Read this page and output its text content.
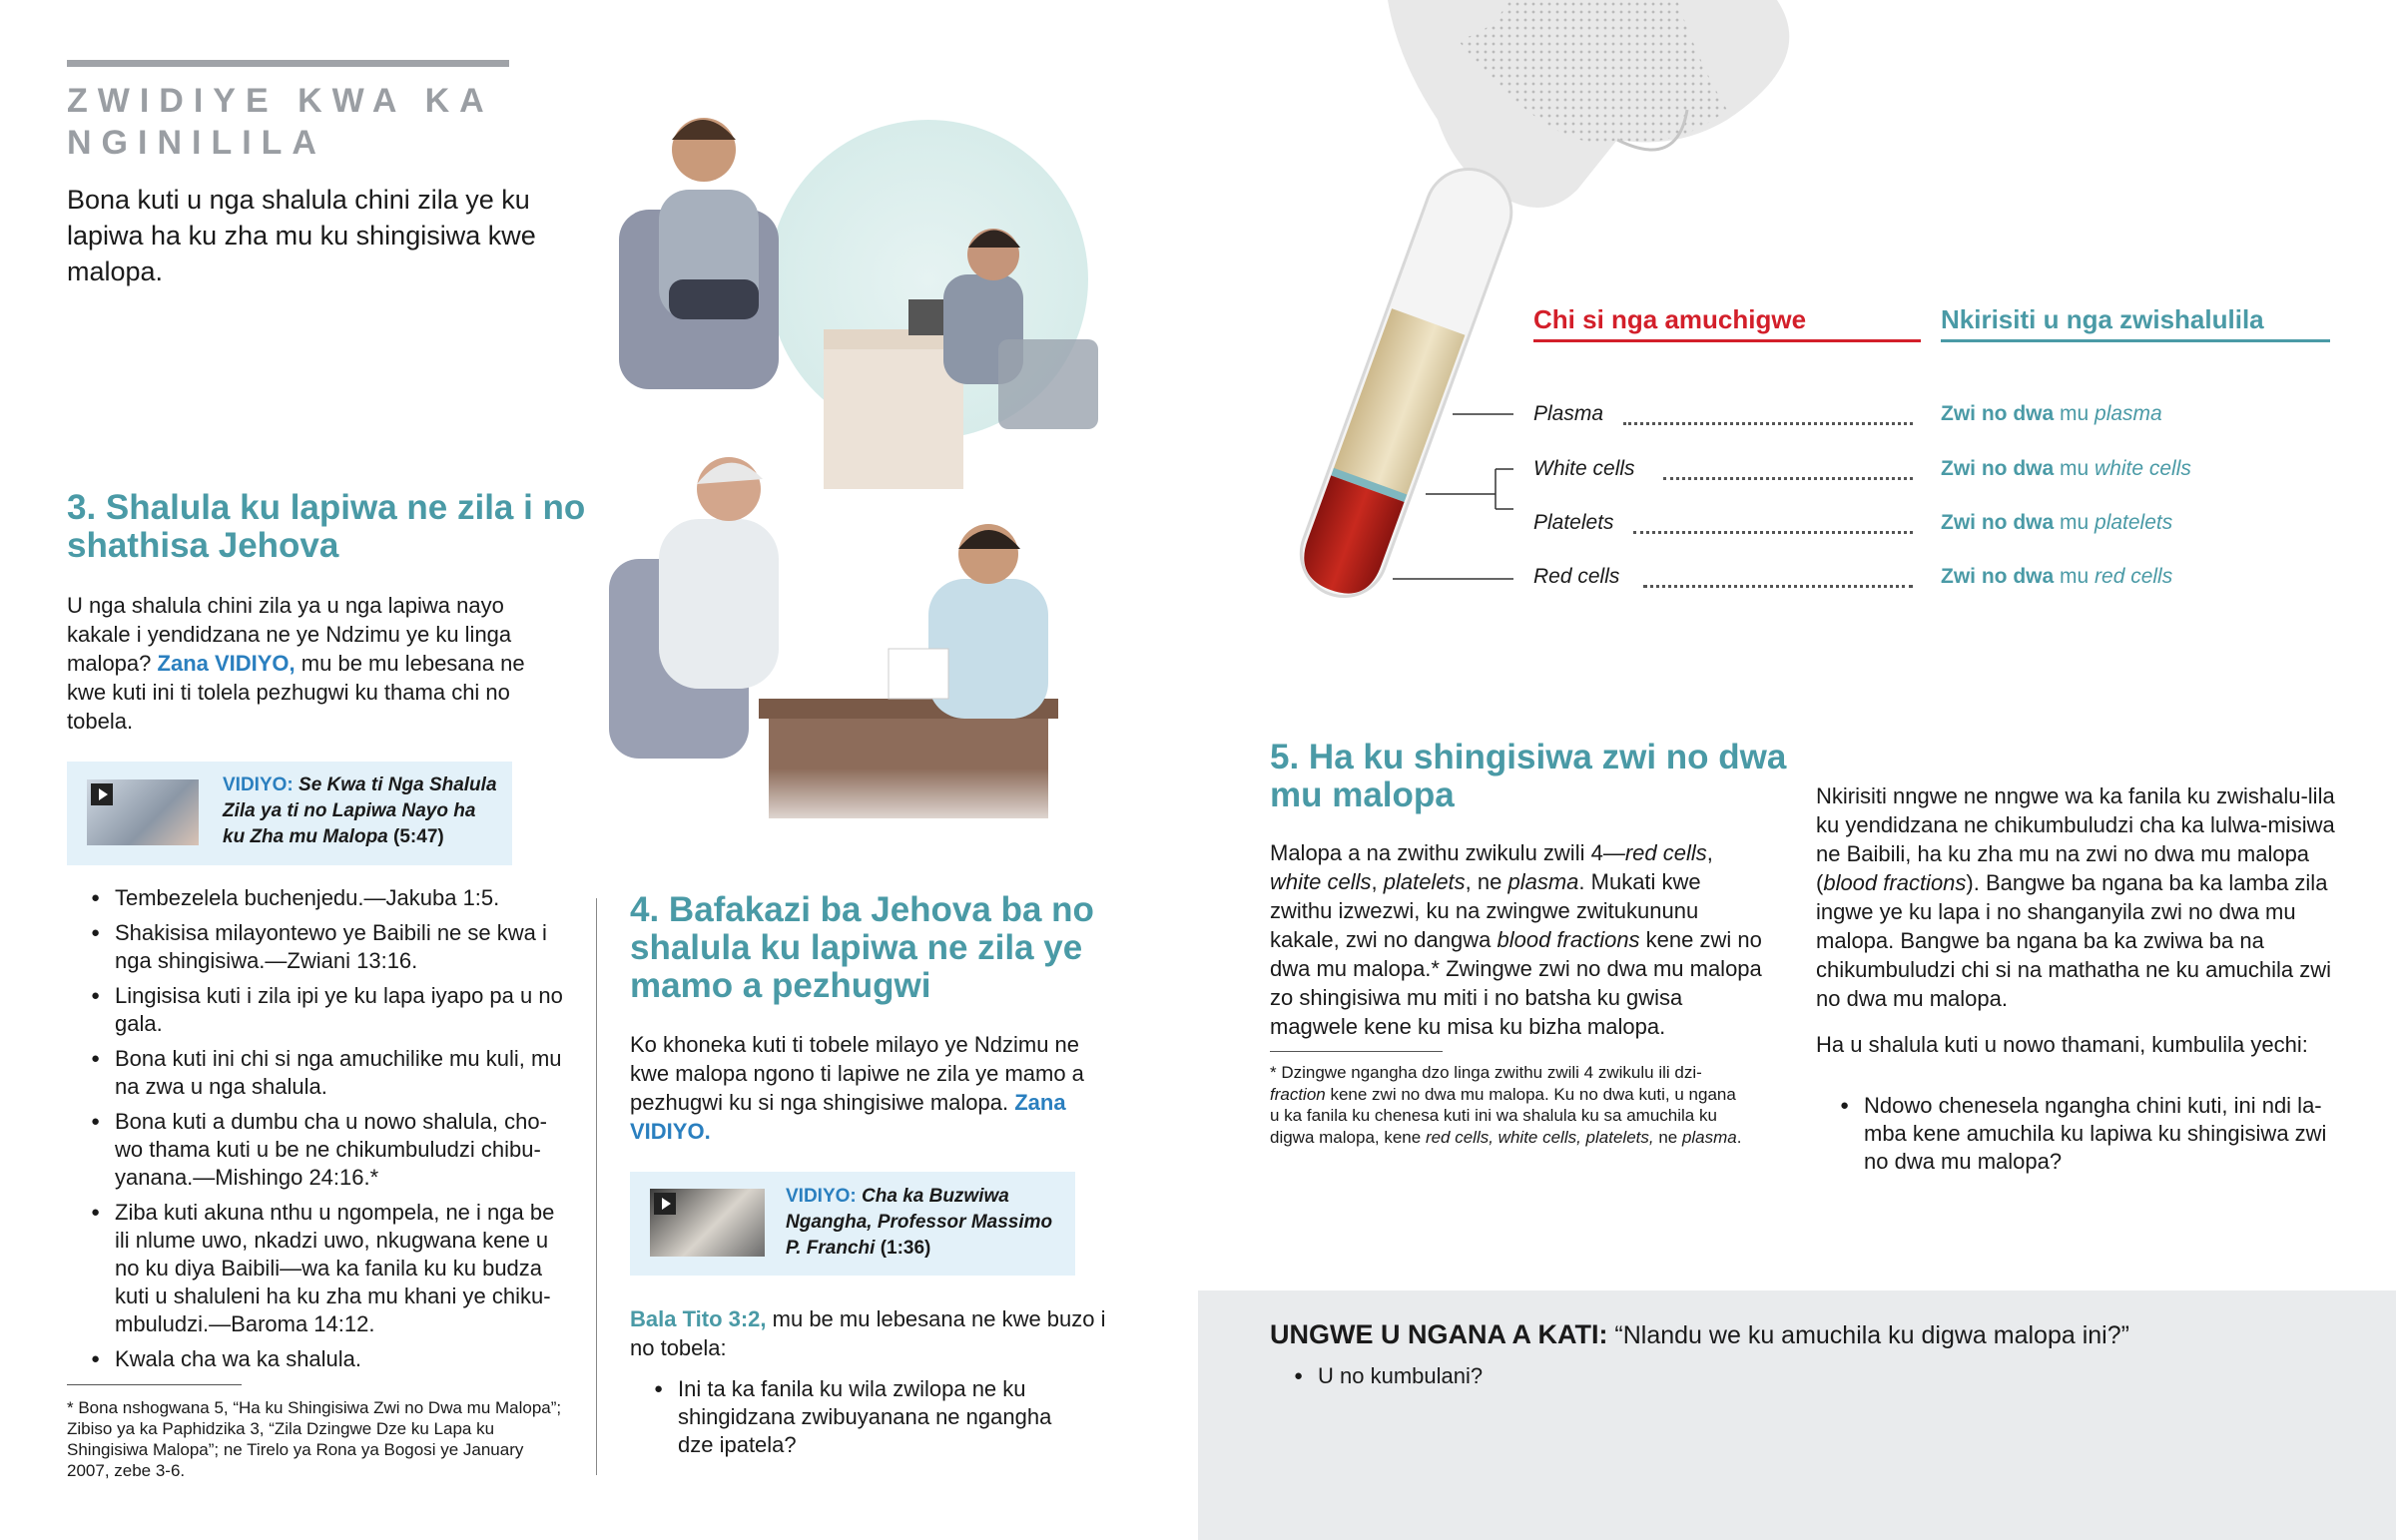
ZWIDIYE KWA KA NGINILILA
Bona kuti u nga shalula chini zila ye ku lapiwa ha ku zha mu ku shingisiwa kwe malopa.
3. Shalula ku lapiwa ne zila i no shathisa Jehova
U nga shalula chini zila ya u nga lapiwa nayo kakale i yendidzana ne ye Ndzimu ye ku linga malopa? Zana VIDIYO, mu be mu lebesana ne kwe kuti ini ti tolela pezhugwi ku thama chi no tobela.
VIDIYO: Se Kwa ti Nga Shalula Zila ya ti no Lapiwa Nayo ha ku Zha mu Malopa (5:47)
● Tembezelela buchenjedu.—Jakuba 1:5.
● Shakisisa milayontewo ye Baibili ne se kwa i nga shingisiwa.—Zwiani 13:16.
● Lingisisa kuti i zila ipi ye ku lapa iyapo pa u no gala.
● Bona kuti ini chi si nga amuchilike mu kuli, mu na zwa u nga shalula.
● Bona kuti a dumbu cha u nowo shalula, cho-wo thama kuti u be ne chikumbuludzi chibu-yanana.—Mishingo 24:16.*
● Ziba kuti akuna nthu u ngompela, ne i nga be ili nlume uwo, nkadzi uwo, nkugwana kene u no ku diya Baibili—wa ka fanila ku ku budza kuti u shaluleni ha ku zha mu khani ye chiku-mbuludzi.—Baroma 14:12.
● Kwala cha wa ka shalula.
* Bona nshogwana 5, “Ha ku Shingisiwa Zwi no Dwa mu Malopa”; Zibiso ya ka Paphidzika 3, “Zila Dzingwe Dze ku Lapa ku Shingisiwa Malopa”; ne Tirelo ya Rona ya Bogosi ye January 2007, zebe 3-6.
4. Bafakazi ba Jehova ba no shalula ku lapiwa ne zila ye mamo a pezhugwi
Ko khoneka kuti ti tobele milayo ye Ndzimu ne kwe malopa ngono ti lapiwe ne zila ye mamo a pezhugwi ku si nga shingisiwe malopa. Zana VIDIYO.
VIDIYO: Cha ka Buzwiwa Ngangha, Professor Massimo P. Franchi (1:36)
Bala Tito 3:2, mu be mu lebesana ne kwe buzo i no tobela:
● Ini ta ka fanila ku wila zwilopa ne ku shingidzana zwibuyanana ne ngangha dze ipatela?
Chi si nga amuchigwe	Nkirisiti u nga zwishalulila
Plasma	Zwi no dwa mu plasma
White cells	Zwi no dwa mu white cells
Platelets	Zwi no dwa mu platelets
Red cells	Zwi no dwa mu red cells
5. Ha ku shingisiwa zwi no dwa mu malopa
Malopa a na zwithu zwikulu zwili 4—red cells, white cells, platelets, ne plasma. Mukati kwe zwithu izwezwi, ku na zwingwe zwitukununu kakale, zwi no dangwa blood fractions kene zwi no dwa mu malopa.* Zwingwe zwi no dwa mu malopa zo shingisiwa mu miti i no batsha ku gwisa magwele kene ku misa ku bizha malopa.
* Dzingwe ngangha dzo linga zwithu zwili 4 zwikulu ili dzi-fraction kene zwi no dwa mu malopa. Ku no dwa kuti, u ngana u ka fanila ku chenesa kuti ini wa shalula ku sa amuchila ku digwa malopa, kene red cells, white cells, platelets, ne plasma.

Nkirisiti nngwe ne nngwe wa ka fanila ku zwishalu-lila ku yendidzana ne chikumbuludzi cha ka lulwa-misiwa ne Baibili, ha ku zha mu na zwi no dwa mu malopa (blood fractions). Bangwe ba ngana ba ka lamba zila ingwe ye ku lapa i no shanganyila zwi no dwa mu malopa. Bangwe ba ngana ba ka zwiwa ba na chikumbuludzi chi si na mathatha ne ku amuchila zwi no dwa mu malopa.

Ha u shalula kuti u nowo thamani, kumbulila yechi:

● Ndowo chenesela ngangha chini kuti, ini ndi la-mba kene amuchila ku lapiwa ku shingisiwa zwi no dwa mu malopa?
UNGWE U NGANA A KATI: “Nlandu we ku amuchila ku digwa malopa ini?”
● U no kumbulani?
